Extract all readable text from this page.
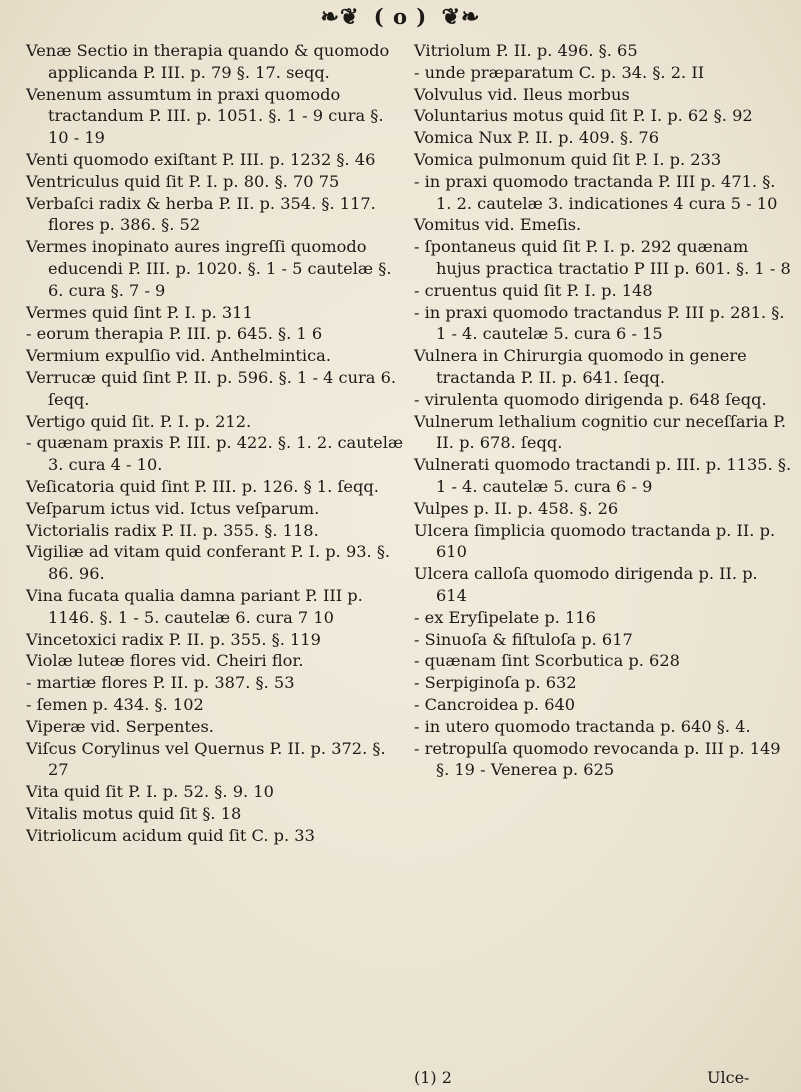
❧❦ ( o ) ❦❧

Venæ Sectio in therapia quando & quomodo applicanda P. III. p. 79 §. 17. seqq.

Venenum assumtum in praxi quomodo tractandum P. III. p. 1051. §. 1 - 9 cura §. 10 - 19

Venti quomodo exiſtant P. III. p. 1232 §. 46

Ventriculus quid ſit P. I. p. 80. §. 70 75

Verbaſci radix & herba P. II. p. 354. §. 117. flores p. 386. §. 52

Vermes inopinato aures ingreſſi quomodo educendi P. III. p. 1020. §. 1 - 5 cautelæ §. 6. cura §. 7 - 9

Vermes quid ſint P. I. p. 311

- eorum therapia P. III. p. 645. §. 1 6

Vermium expulſio vid. Anthelmintica.

Verrucæ quid ſint P. II. p. 596. §. 1 - 4 cura 6. ſeqq.

Vertigo quid ſit. P. I. p. 212.

- quænam praxis P. III. p. 422. §. 1. 2. cautelæ 3. cura 4 - 10.

Veſicatoria quid ſint P. III. p. 126. § 1. ſeqq.

Veſparum ictus vid. Ictus veſparum.

Victorialis radix P. II. p. 355. §. 118.

Vigiliæ ad vitam quid conferant P. I. p. 93. §. 86. 96.

Vina fucata qualia damna pariant P. III p. 1146. §. 1 - 5. cautelæ 6. cura 7 10

Vincetoxici radix P. II. p. 355. §. 119

Violæ luteæ flores vid. Cheiri flor.

- martiæ flores P. II. p. 387. §. 53

- ſemen p. 434. §. 102

Viperæ vid. Serpentes.

Viſcus Corylinus vel Quernus P. II. p. 372. §. 27

Vita quid ſit P. I. p. 52. §. 9. 10

Vitalis motus quid ſit §. 18

Vitriolicum acidum quid ſit C. p. 33

Vitriolum P. II. p. 496. §. 65

- unde præparatum C. p. 34. §. 2. II

Volvulus vid. Ileus morbus

Voluntarius motus quid ſit P. I. p. 62 §. 92

Vomica Nux P. II. p. 409. §. 76

Vomica pulmonum quid ſit P. I. p. 233

- in praxi quomodo tractanda P. III p. 471. §. 1. 2. cautelæ 3. indicationes 4 cura 5 - 10

Vomitus vid. Emeſis.

- ſpontaneus quid ſit P. I. p. 292 quænam hujus practica tractatio P III p. 601. §. 1 - 8

- cruentus quid ſit P. I. p. 148

- in praxi quomodo tractandus P. III p. 281. §. 1 - 4. cautelæ 5. cura 6 - 15

Vulnera in Chirurgia quomodo in genere tractanda P. II. p. 641. ſeqq.

- virulenta quomodo dirigenda p. 648 ſeqq.

Vulnerum lethalium cognitio cur neceſſaria P. II. p. 678. ſeqq.

Vulnerati quomodo tractandi p. III. p. 1135. §. 1 - 4. cautelæ 5. cura 6 - 9

Vulpes p. II. p. 458. §. 26

Ulcera ſimplicia quomodo tractanda p. II. p. 610

Ulcera calloſa quomodo dirigenda p. II. p. 614

- ex Eryſipelate p. 116

- Sinuoſa & fiſtuloſa p. 617

- quænam ſint Scorbutica p. 628

- Serpiginoſa p. 632

- Cancroidea p. 640

- in utero quomodo tractanda p. 640 §. 4.

- retropulſa quomodo revocanda p. III p. 149 §. 19 - Venerea p. 625

(1) 2	Ulce-
